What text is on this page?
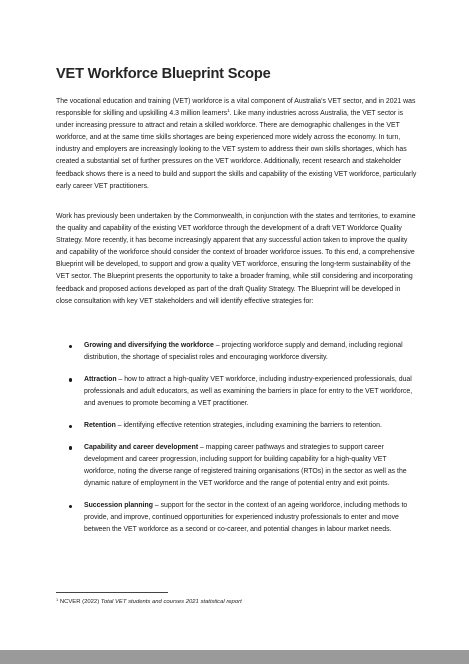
VET Workforce Blueprint Scope

The vocational education and training (VET) workforce is a vital component of Australia’s VET sector, and in 2021 was responsible for skilling and upskilling 4.3 million learners$^1$. Like many industries across Australia, the VET sector is under increasing pressure to attract and retain a skilled workforce. There are demographic challenges in the VET workforce, and at the same time skills shortages are being experienced more widely across the economy. In turn, industry and employers are increasingly looking to the VET system to address their own skills shortages, which has created a substantial set of further pressures on the VET workforce. Additionally, recent research and stakeholder feedback shows there is a need to build and support the skills and capability of the existing VET workforce, particularly early career VET practitioners.

Work has previously been undertaken by the Commonwealth, in conjunction with the states and territories, to examine the quality and capability of the existing VET workforce through the development of a draft VET Workforce Quality Strategy. More recently, it has become increasingly apparent that any successful action taken to improve the quality and capability of the workforce should consider the context of broader workforce issues. To this end, a comprehensive Blueprint will be developed, to support and grow a quality VET workforce, ensuring the long-term sustainability of the VET sector. The Blueprint presents the opportunity to take a broader framing, while still considering and incorporating feedback and proposed actions developed as part of the draft Quality Strategy. The Blueprint will be developed in close consultation with key VET stakeholders and will identify effective strategies for:

Growing and diversifying the workforce – projecting workforce supply and demand, including regional distribution, the shortage of specialist roles and encouraging workforce diversity.
Attraction – how to attract a high-quality VET workforce, including industry-experienced professionals, dual professionals and adult educators, as well as examining the barriers in place for entry to the VET workforce, and avenues to promote becoming a VET practitioner.
Retention – identifying effective retention strategies, including examining the barriers to retention.
Capability and career development – mapping career pathways and strategies to support career development and career progression, including support for building capability for a high-quality VET workforce, noting the diverse range of registered training organisations (RTOs) in the sector as well as the dynamic nature of employment in the VET workforce and the range of potential entry and exit points.
Succession planning – support for the sector in the context of an ageing workforce, including methods to provide, and improve, continued opportunities for experienced industry professionals to enter and move between the VET workforce as a second or co-career, and potential changes in labour market needs.

$^1$ NCVER (2022) Total VET students and courses 2021 statistical report
